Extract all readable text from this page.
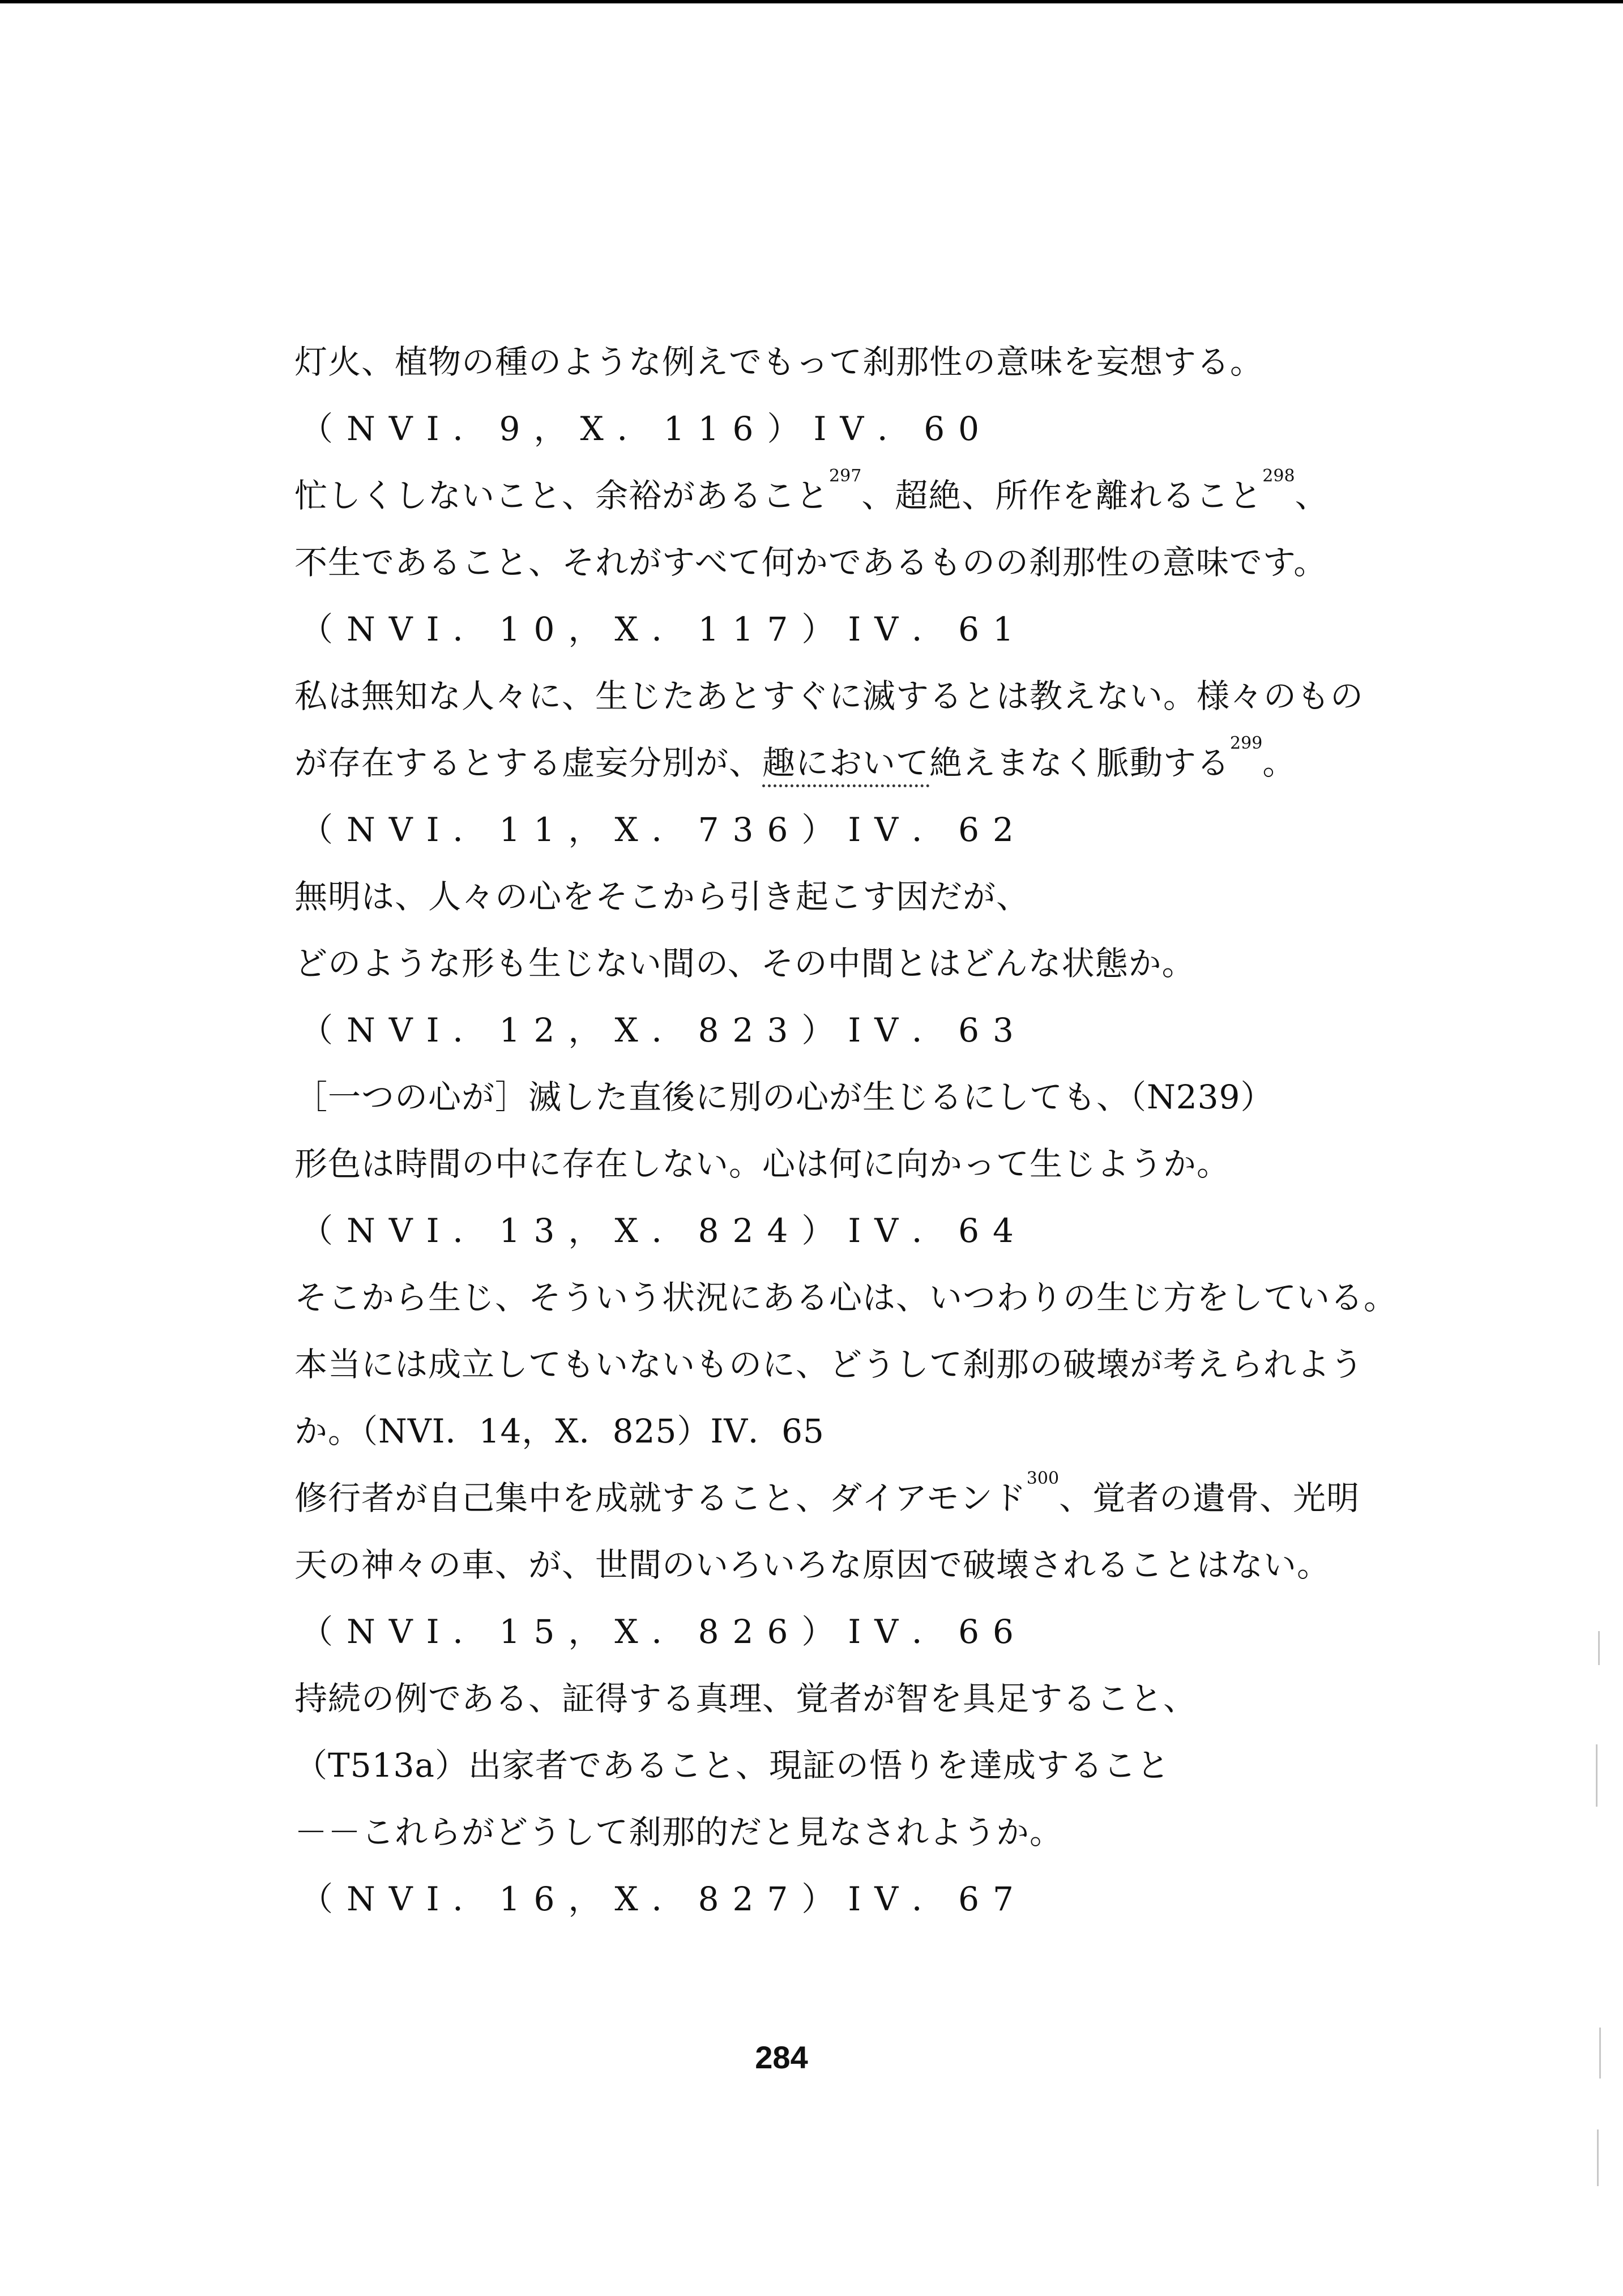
灯火、植物の種のような例えでもって刹那性の意味を妄想する。
（NVI．9，X．116）IV．60
忙しくしないこと、余裕があること$^{297}$、超絶、所作を離れること$^{298}$、
不生であること、それがすべて何かであるものの刹那性の意味です。
（NVI．10，X．117）IV．61
私は無知な人々に、生じたあとすぐに滅するとは教えない。様々のもの
が存在するとする虚妄分別が、趣において絶えまなく脈動する$^{299}$。
（NVI．11，X．736）IV．62
無明は、人々の心をそこから引き起こす因だが、
どのような形も生じない間の、その中間とはどんな状態か。
（NVI．12，X．823）IV．63
［一つの心が］滅した直後に別の心が生じるにしても、（N239）
形色は時間の中に存在しない。心は何に向かって生じようか。
（NVI．13，X．824）IV．64
そこから生じ、そういう状況にある心は、いつわりの生じ方をしている。
本当には成立してもいないものに、どうして刹那の破壊が考えられよう
か。（NVI．14，X．825）IV．65
修行者が自己集中を成就すること、ダイアモンド$^{300}$、覚者の遺骨、光明
天の神々の車、が、世間のいろいろな原因で破壊されることはない。
（NVI．15，X．826）IV．66
持続の例である、証得する真理、覚者が智を具足すること、
（T513a）出家者であること、現証の悟りを達成すること
－－これらがどうして刹那的だと見なされようか。
（NVI．16，X．827）IV．67
284
